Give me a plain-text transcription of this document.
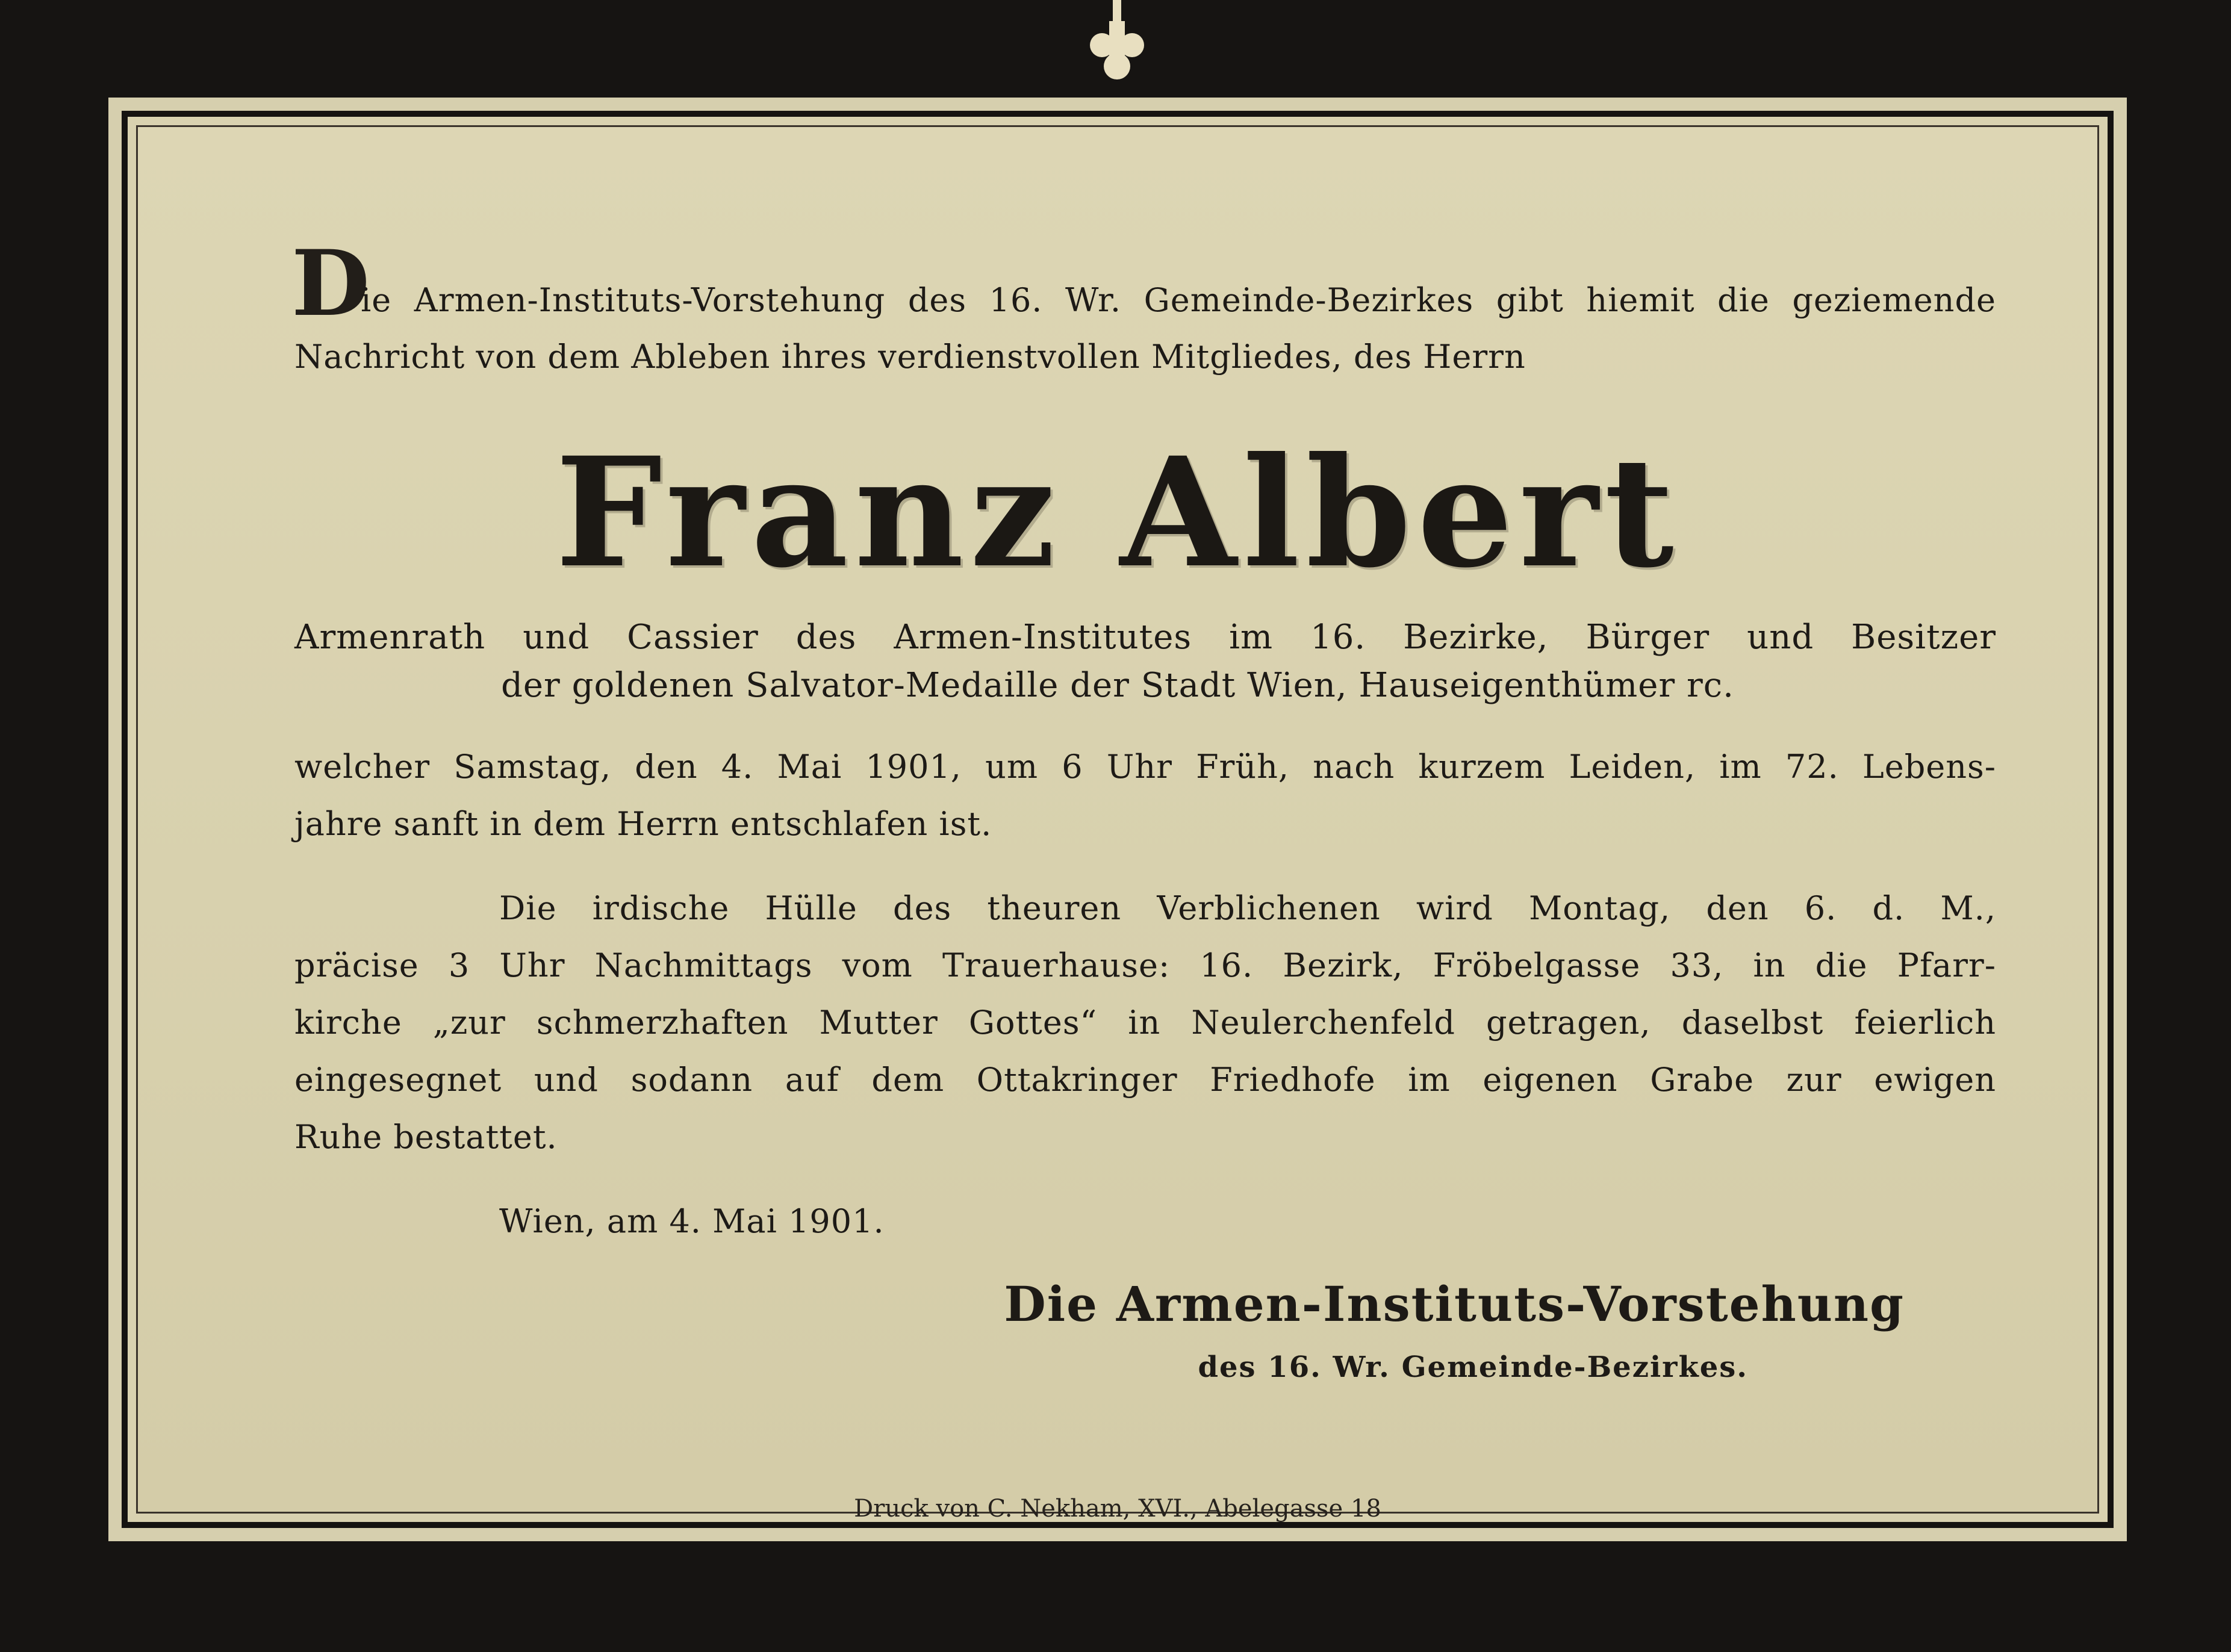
D

ie Armen-Instituts-Vorstehung des 16. Wr. Gemeinde-Bezirkes gibt hiemit die geziemende

Nachricht von dem Ableben ihres verdienstvollen Mitgliedes, des Herrn

Franz Albert

Armenrath und Cassier des Armen-Institutes im 16. Bezirke, Bürger und Besitzer

der goldenen Salvator-Medaille der Stadt Wien, Hauseigenthümer rc.

welcher Samstag, den 4. Mai 1901, um 6 Uhr Früh, nach kurzem Leiden, im 72. Lebens-

jahre sanft in dem Herrn entschlafen ist.

Die irdische Hülle des theuren Verblichenen wird Montag, den 6. d. M.,

präcise 3 Uhr Nachmittags vom Trauerhause: 16. Bezirk, Fröbelgasse 33, in die Pfarr-

kirche „zur schmerzhaften Mutter Gottes“ in Neulerchenfeld getragen, daselbst feierlich

eingesegnet und sodann auf dem Ottakringer Friedhofe im eigenen Grabe zur ewigen

Ruhe bestattet.

Wien, am 4. Mai 1901.

Die Armen-Instituts-Vorstehung

des 16. Wr. Gemeinde-Bezirkes.

Druck von C. Nekham, XVI., Abelegasse 18
